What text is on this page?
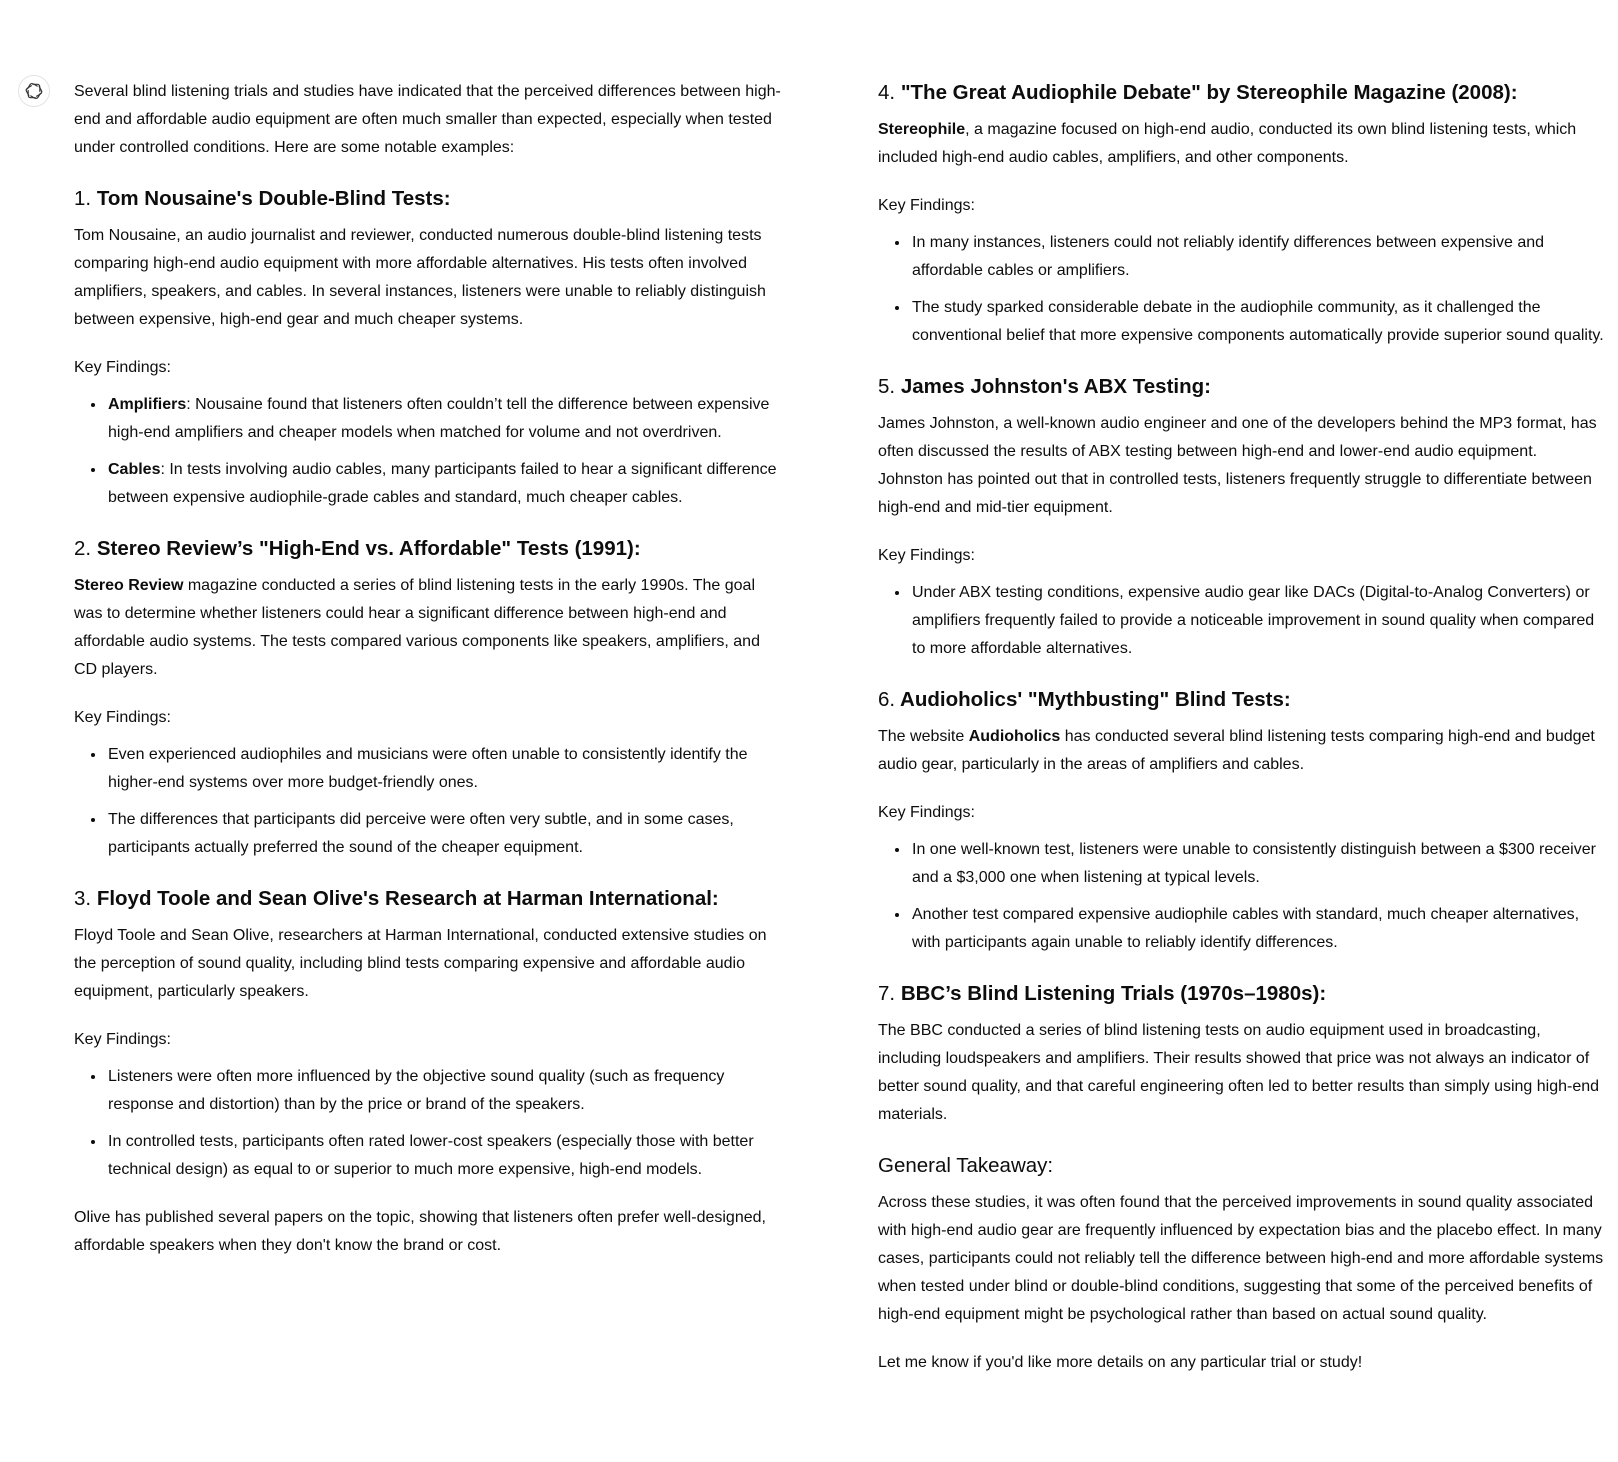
Several blind listening trials and studies have indicated that the perceived differences between high-end and affordable audio equipment are often much smaller than expected, especially when tested under controlled conditions. Here are some notable examples:

1. Tom Nousaine's Double-Blind Tests:

Tom Nousaine, an audio journalist and reviewer, conducted numerous double-blind listening tests comparing high-end audio equipment with more affordable alternatives. His tests often involved amplifiers, speakers, and cables. In several instances, listeners were unable to reliably distinguish between expensive, high-end gear and much cheaper systems.

Key Findings:

• Amplifiers: Nousaine found that listeners often couldn’t tell the difference between expensive high-end amplifiers and cheaper models when matched for volume and not overdriven.
• Cables: In tests involving audio cables, many participants failed to hear a significant difference between expensive audiophile-grade cables and standard, much cheaper cables.
2. Stereo Review’s "High-End vs. Affordable" Tests (1991):

Stereo Review magazine conducted a series of blind listening tests in the early 1990s. The goal was to determine whether listeners could hear a significant difference between high-end and affordable audio systems. The tests compared various components like speakers, amplifiers, and CD players.

Key Findings:

• Even experienced audiophiles and musicians were often unable to consistently identify the higher-end systems over more budget-friendly ones.
• The differences that participants did perceive were often very subtle, and in some cases, participants actually preferred the sound of the cheaper equipment.
3. Floyd Toole and Sean Olive's Research at Harman International:

Floyd Toole and Sean Olive, researchers at Harman International, conducted extensive studies on the perception of sound quality, including blind tests comparing expensive and affordable audio equipment, particularly speakers.

Key Findings:

• Listeners were often more influenced by the objective sound quality (such as frequency response and distortion) than by the price or brand of the speakers.
• In controlled tests, participants often rated lower-cost speakers (especially those with better technical design) as equal to or superior to much more expensive, high-end models.

Olive has published several papers on the topic, showing that listeners often prefer well-designed, affordable speakers when they don't know the brand or cost.

4. "The Great Audiophile Debate" by Stereophile Magazine (2008):

Stereophile, a magazine focused on high-end audio, conducted its own blind listening tests, which included high-end audio cables, amplifiers, and other components.

Key Findings:

• In many instances, listeners could not reliably identify differences between expensive and affordable cables or amplifiers.
• The study sparked considerable debate in the audiophile community, as it challenged the conventional belief that more expensive components automatically provide superior sound quality.
5. James Johnston's ABX Testing:

James Johnston, a well-known audio engineer and one of the developers behind the MP3 format, has often discussed the results of ABX testing between high-end and lower-end audio equipment. Johnston has pointed out that in controlled tests, listeners frequently struggle to differentiate between high-end and mid-tier equipment.

Key Findings:

• Under ABX testing conditions, expensive audio gear like DACs (Digital-to-Analog Converters) or amplifiers frequently failed to provide a noticeable improvement in sound quality when compared to more affordable alternatives.
6. Audioholics' "Mythbusting" Blind Tests:

The website Audioholics has conducted several blind listening tests comparing high-end and budget audio gear, particularly in the areas of amplifiers and cables.

Key Findings:

• In one well-known test, listeners were unable to consistently distinguish between a $300 receiver and a $3,000 one when listening at typical levels.
• Another test compared expensive audiophile cables with standard, much cheaper alternatives, with participants again unable to reliably identify differences.
7. BBC’s Blind Listening Trials (1970s–1980s):

The BBC conducted a series of blind listening tests on audio equipment used in broadcasting, including loudspeakers and amplifiers. Their results showed that price was not always an indicator of better sound quality, and that careful engineering often led to better results than simply using high-end materials.

General Takeaway:

Across these studies, it was often found that the perceived improvements in sound quality associated with high-end audio gear are frequently influenced by expectation bias and the placebo effect. In many cases, participants could not reliably tell the difference between high-end and more affordable systems when tested under blind or double-blind conditions, suggesting that some of the perceived benefits of high-end equipment might be psychological rather than based on actual sound quality.

Let me know if you'd like more details on any particular trial or study!
